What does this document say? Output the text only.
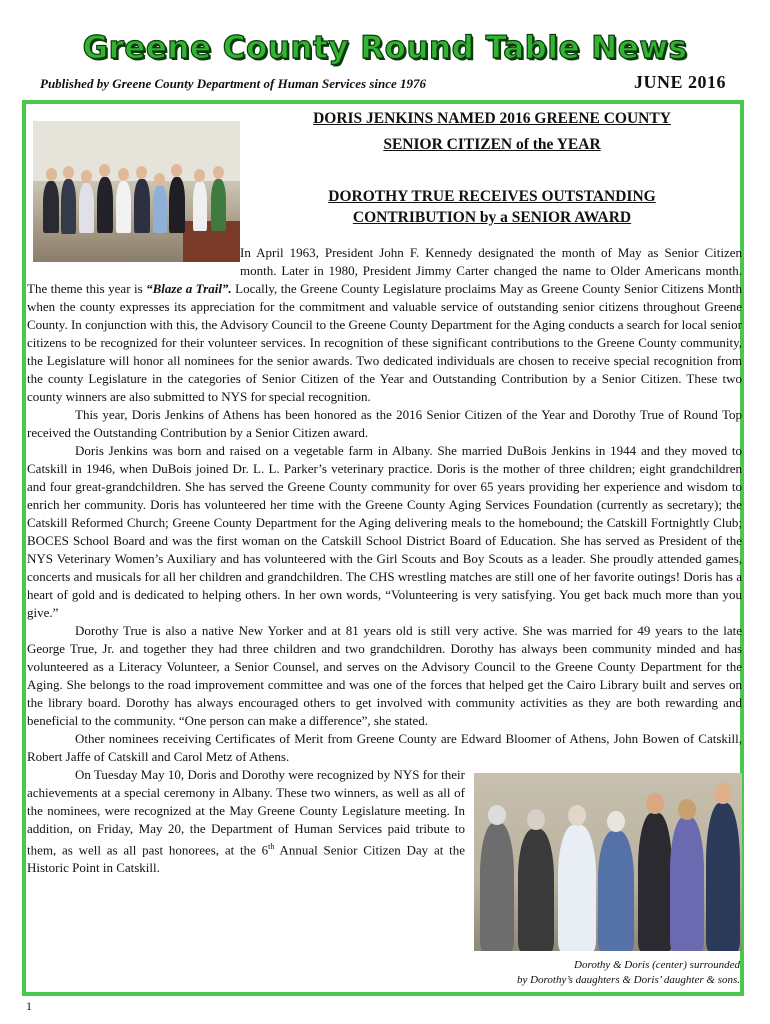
Greene County Round Table News
Published by Greene County Department of Human Services since 1976	JUNE 2016
DORIS JENKINS NAMED 2016 GREENE COUNTY
SENIOR CITIZEN of the YEAR
DOROTHY TRUE RECEIVES OUTSTANDING
CONTRIBUTION by a SENIOR AWARD

In April 1963, President John F. Kennedy designated the month of May as Senior Citizen month. Later in 1980, President Jimmy Carter changed the name to Older Americans month. The theme this year is “Blaze a Trail”. Locally, the Greene County Legislature proclaims May as Greene County Senior Citizens Month when the county expresses its appreciation for the commitment and valuable service of outstanding senior citizens throughout Greene County. In conjunction with this, the Advisory Council to the Greene County Department for the Aging conducts a search for local senior citizens to be recognized for their volunteer services. In recognition of these significant contributions to the Greene County community, the Legislature will honor all nominees for the senior awards. Two dedicated individuals are chosen to receive special recognition from the county Legislature in the categories of Senior Citizen of the Year and Outstanding Contribution by a Senior Citizen. These two county winners are also submitted to NYS for special recognition.

This year, Doris Jenkins of Athens has been honored as the 2016 Senior Citizen of the Year and Dorothy True of Round Top received the Outstanding Contribution by a Senior Citizen award.

Doris Jenkins was born and raised on a vegetable farm in Albany. She married DuBois Jenkins in 1944 and they moved to Catskill in 1946, when DuBois joined Dr. L. L. Parker’s veterinary practice. Doris is the mother of three children; eight grandchildren and four great-grandchildren. She has served the Greene County community for over 65 years providing her experience and wisdom to enrich her community. Doris has volunteered her time with the Greene County Aging Services Foundation (currently as secretary); the Catskill Reformed Church; Greene County Department for the Aging delivering meals to the homebound; the Catskill Fortnightly Club; BOCES School Board and was the first woman on the Catskill School District Board of Education. She has served as President of the NYS Veterinary Women’s Auxiliary and has volunteered with the Girl Scouts and Boy Scouts as a leader. She proudly attended games, concerts and musicals for all her children and grandchildren. The CHS wrestling matches are still one of her favorite outings! Doris has a heart of gold and is dedicated to helping others. In her own words, “Volunteering is very satisfying. You get back much more than you give.”

Dorothy True is also a native New Yorker and at 81 years old is still very active. She was married for 49 years to the late George True, Jr. and together they had three children and two grandchildren. Dorothy has always been community minded and has volunteered as a Literacy Volunteer, a Senior Counsel, and serves on the Advisory Council to the Greene County Department for the Aging. She belongs to the road improvement committee and was one of the forces that helped get the Cairo Library built and serves on the library board. Dorothy has always encouraged others to get involved with community activities as they are both rewarding and beneficial to the community. “One person can make a difference”, she stated.

Other nominees receiving Certificates of Merit from Greene County are Edward Bloomer of Athens, John Bowen of Catskill, Robert Jaffe of Catskill and Carol Metz of Athens.

On Tuesday May 10, Doris and Dorothy were recognized by NYS for their achievements at a special ceremony in Albany. These two winners, as well as all of the nominees, were recognized at the May Greene County Legislature meeting. In addition, on Friday, May 20, the Department of Human Services paid tribute to them, as well as all past honorees, at the 6th Annual Senior Citizen Day at the Historic Point in Catskill.

Dorothy & Doris (center) surrounded
by Dorothy’s daughters & Doris’ daughter & sons.
1
